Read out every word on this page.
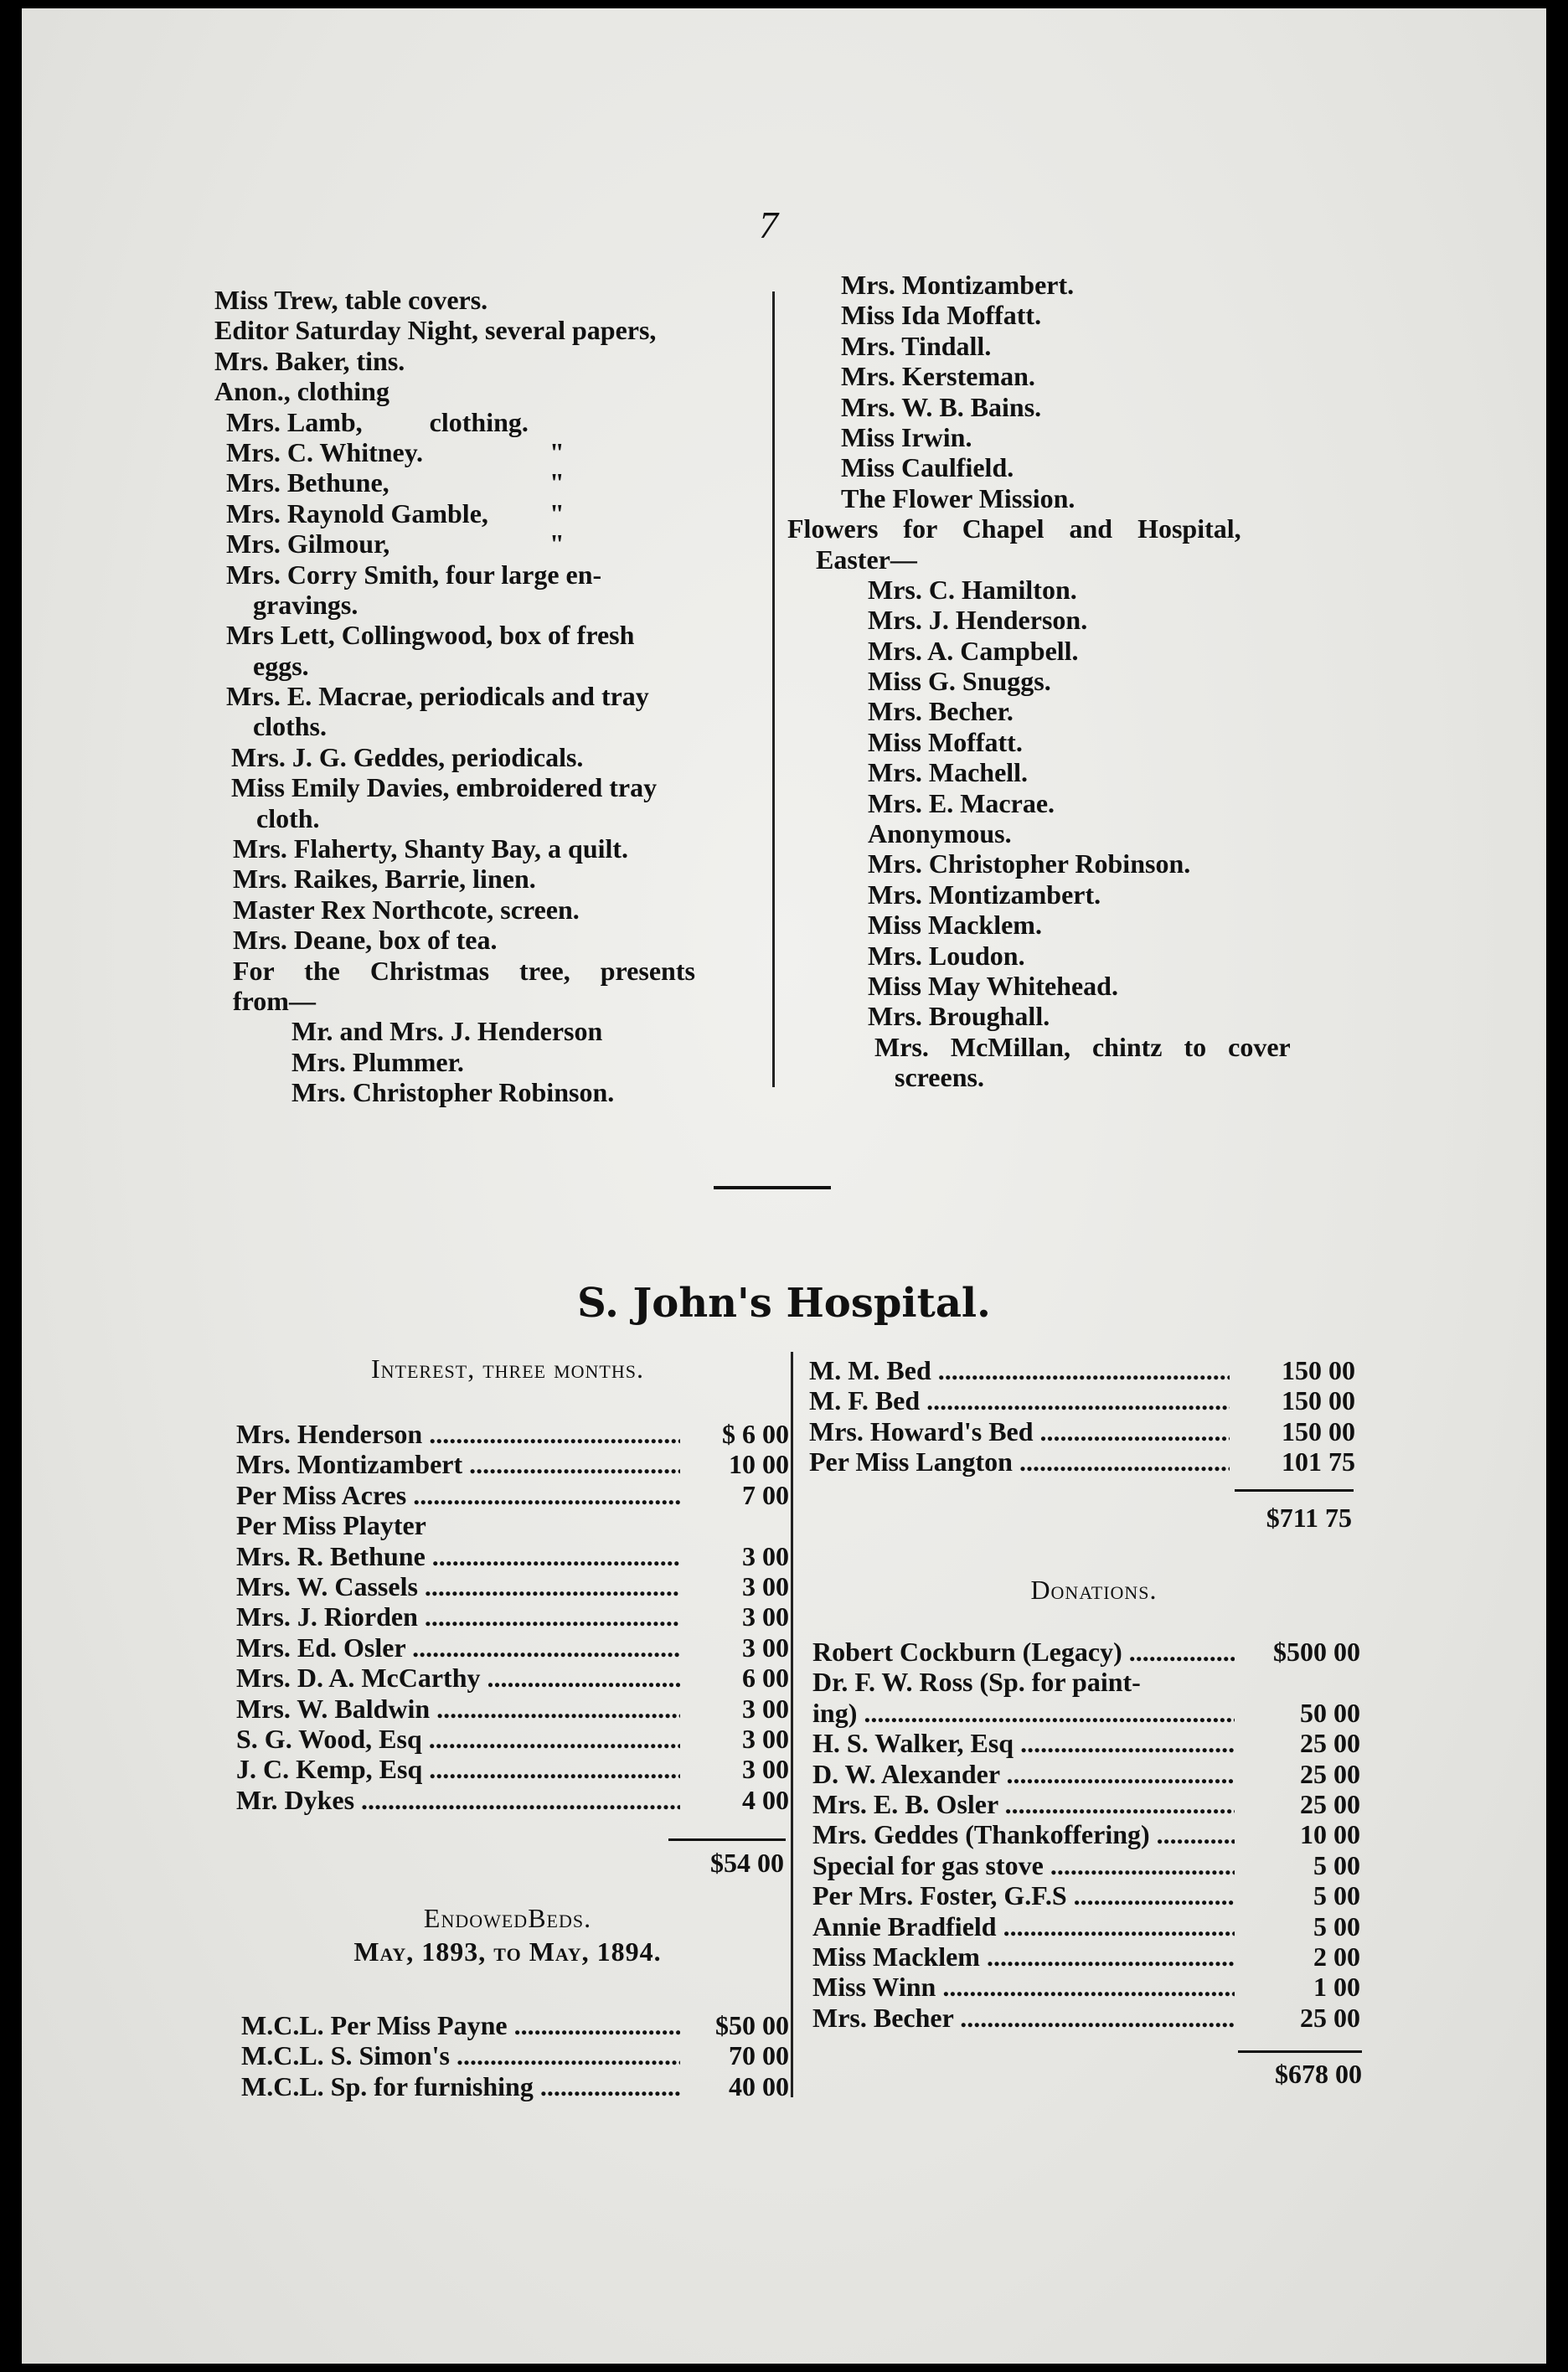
7
Miss Trew, table covers.
Editor Saturday Night, several papers,
Mrs. Baker, tins.
Anon., clothing
Mrs. Lamb,          clothing.
Mrs. C. Whitney.	"
Mrs. Bethune,	"
Mrs. Raynold Gamble, "
Mrs. Gilmour,	"
Mrs. Corry Smith, four large en-
gravings.
Mrs Lett, Collingwood, box of fresh
eggs.
Mrs. E. Macrae, periodicals and tray
cloths.
Mrs. J. G. Geddes, periodicals.
Miss Emily Davies, embroidered tray
cloth.
Mrs. Flaherty, Shanty Bay, a quilt.
Mrs. Raikes, Barrie, linen.
Master Rex Northcote, screen.
Mrs. Deane, box of tea.
For the Christmas tree, presents
from—
Mr. and Mrs. J. Henderson
Mrs. Plummer.
Mrs. Christopher Robinson.
Mrs. Montizambert.
Miss Ida Moffatt.
Mrs. Tindall.
Mrs. Kersteman.
Mrs. W. B. Bains.
Miss Irwin.
Miss Caulfield.
The Flower Mission.
Flowers for Chapel and Hospital,
Easter—
Mrs. C. Hamilton.
Mrs. J. Henderson.
Mrs. A. Campbell.
Miss G. Snuggs.
Mrs. Becher.
Miss Moffatt.
Mrs. Machell.
Mrs. E. Macrae.
Anonymous.
Mrs. Christopher Robinson.
Mrs. Montizambert.
Miss Macklem.
Mrs. Loudon.
Miss May Whitehead.
Mrs. Broughall.
Mrs. McMillan, chintz to cover
screens.
S. John's Hospital.
Interest, three months.
Mrs. Henderson .....	$ 6 00
Mrs. Montizambert .....	10 00
Per Miss Acres .....	7 00
Per Miss Playter
Mrs. R. Bethune .....	3 00
Mrs. W. Cassels .....	3 00
Mrs. J. Riorden .....	3 00
Mrs. Ed. Osler .....	3 00
Mrs. D. A. McCarthy .....	6 00
Mrs. W. Baldwin .....	3 00
S. G. Wood, Esq .....	3 00
J. C. Kemp, Esq .....	3 00
Mr. Dykes .....	4 00
$54 00
EndowedBeds.
May, 1893, to May, 1894.
M.C.L. Per Miss Payne .....	$50 00
M.C.L. S. Simon's .....	70 00
M.C.L. Sp. for furnishing .....	40 00
M. M. Bed .....	150 00
M. F. Bed .....	150 00
Mrs. Howard's Bed .....	150 00
Per Miss Langton .....	101 75
$711 75
Donations.
Robert Cockburn (Legacy) .....	$500 00
Dr. F. W. Ross (Sp. for paint-
ing) .....	50 00
H. S. Walker, Esq .....	25 00
D. W. Alexander .....	25 00
Mrs. E. B. Osler .....	25 00
Mrs. Geddes (Thankoffering) .....	10 00
Special for gas stove .....	5 00
Per Mrs. Foster, G.F.S .....	5 00
Annie Bradfield .....	5 00
Miss Macklem .....	2 00
Miss Winn .....	1 00
Mrs. Becher .....	25 00
$678 00
